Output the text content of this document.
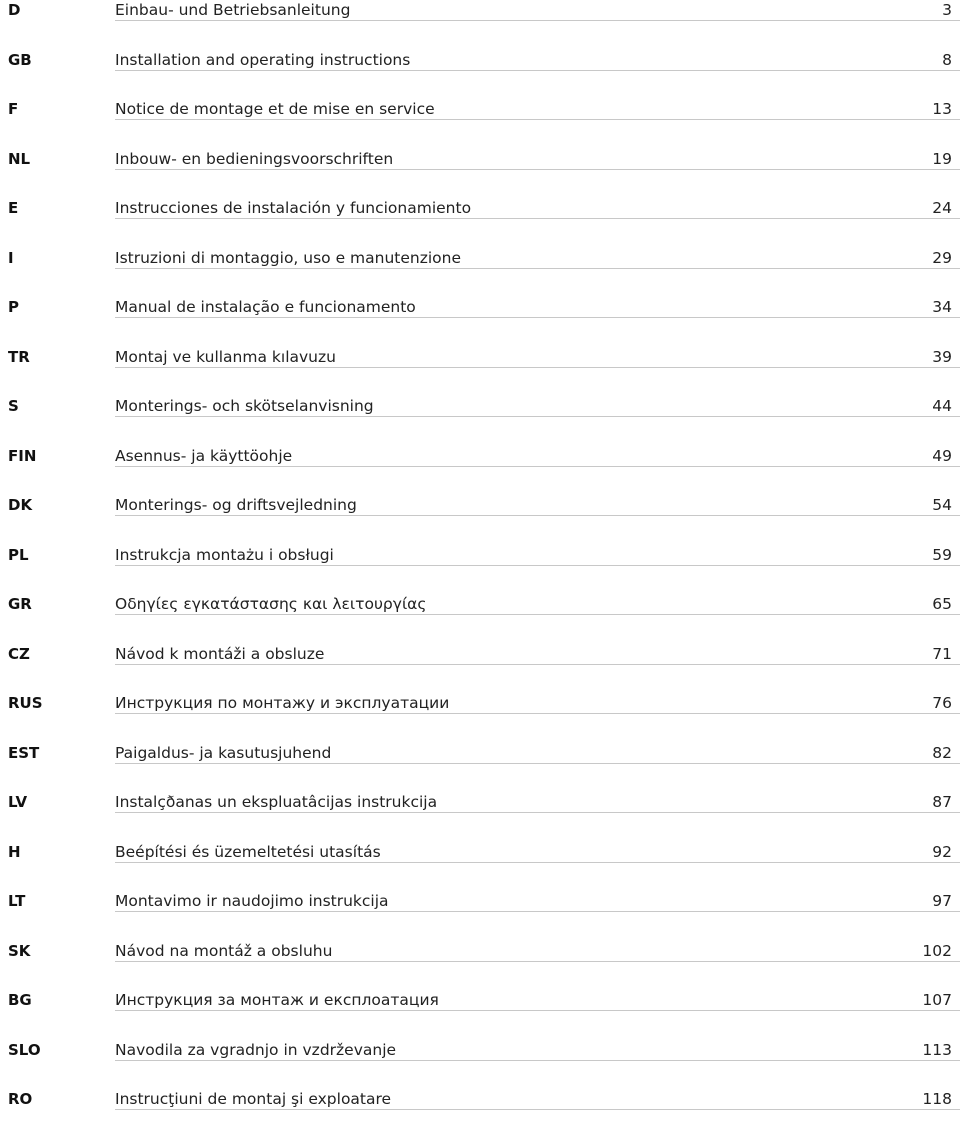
D	Einbau- und Betriebsanleitung	3
GB	Installation and operating instructions	8
F	Notice de montage et de mise en service	13
NL	Inbouw- en bedieningsvoorschriften	19
E	Instrucciones de instalación y funcionamiento	24
I	Istruzioni di montaggio, uso e manutenzione	29
P	Manual de instalação e funcionamento	34
TR	Montaj ve kullanma kılavuzu	39
S	Monterings- och skötselanvisning	44
FIN	Asennus- ja käyttöohje	49
DK	Monterings- og driftsvejledning	54
PL	Instrukcja montażu i obsługi	59
GR	Οδηγίες εγκατάστασης και λειτουργίας	65
CZ	Návod k montáži a obsluze	71
RUS	Инструкция по монтажу и эксплуатации	76
EST	Paigaldus- ja kasutusjuhend	82
LV	Instalçðanas un ekspluatâcijas instrukcija	87
H	Beépítési és üzemeltetési utasítás	92
LT	Montavimo ir naudojimo instrukcija	97
SK	Návod na montáž a obsluhu	102
BG	Инструкция за монтаж и експлоатация	107
SLO	Navodila za vgradnjo in vzdrževanje	113
RO	Instrucţiuni de montaj şi exploatare	118
